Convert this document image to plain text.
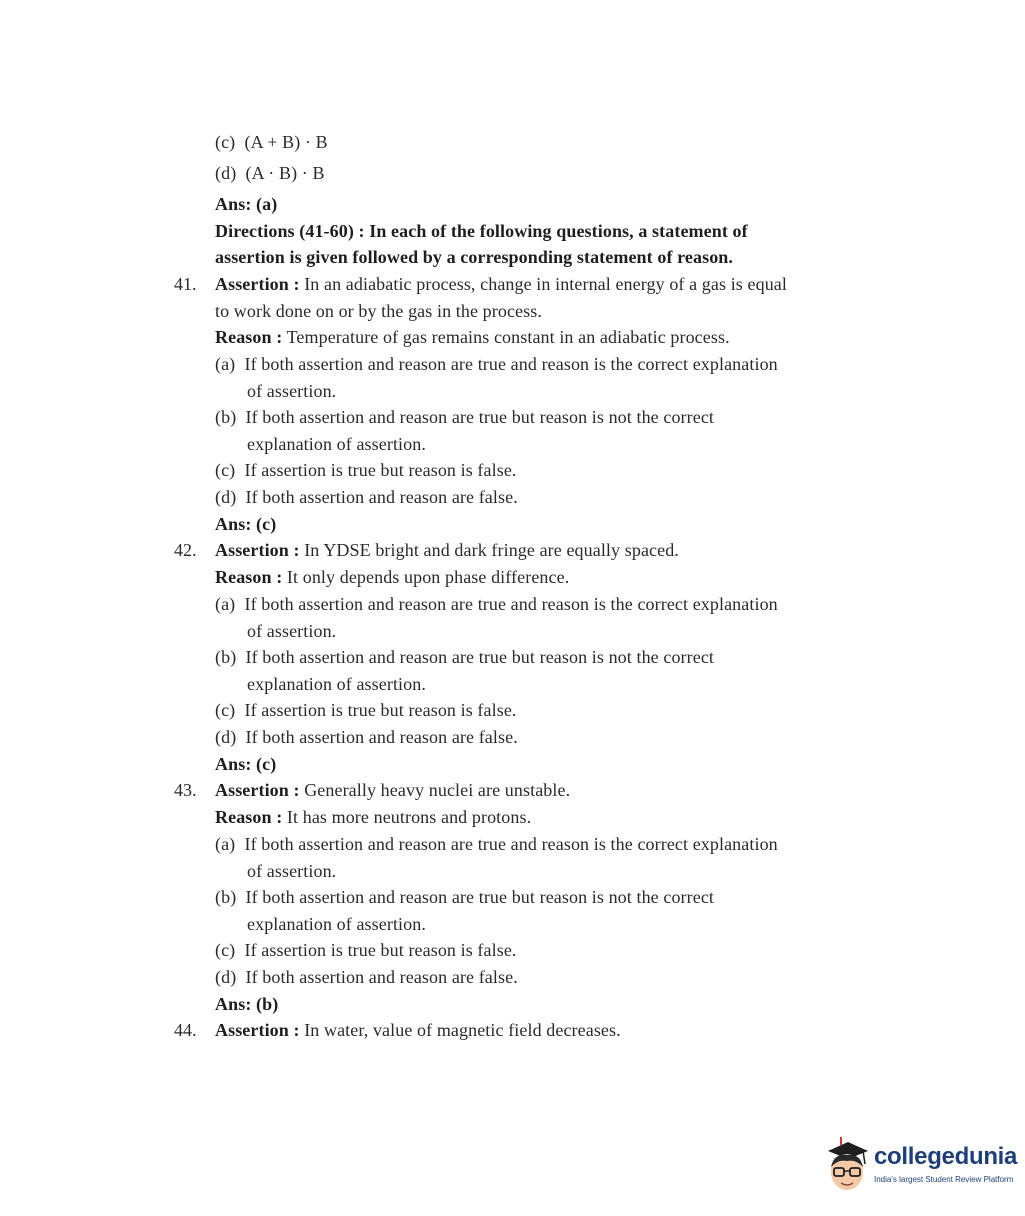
(c) (A + B) · B
(d) (A · B) · B
Ans: (a)
Directions (41-60) : In each of the following questions, a statement of
assertion is given followed by a corresponding statement of reason.
41. Assertion : In an adiabatic process, change in internal energy of a gas is equal
to work done on or by the gas in the process.
Reason : Temperature of gas remains constant in an adiabatic process.
(a) If both assertion and reason are true and reason is the correct explanation
of assertion.
(b) If both assertion and reason are true but reason is not the correct
explanation of assertion.
(c) If assertion is true but reason is false.
(d) If both assertion and reason are false.
Ans: (c)
42. Assertion : In YDSE bright and dark fringe are equally spaced.
Reason : It only depends upon phase difference.
(a) If both assertion and reason are true and reason is the correct explanation
of assertion.
(b) If both assertion and reason are true but reason is not the correct
explanation of assertion.
(c) If assertion is true but reason is false.
(d) If both assertion and reason are false.
Ans: (c)
43. Assertion : Generally heavy nuclei are unstable.
Reason : It has more neutrons and protons.
(a) If both assertion and reason are true and reason is the correct explanation
of assertion.
(b) If both assertion and reason are true but reason is not the correct
explanation of assertion.
(c) If assertion is true but reason is false.
(d) If both assertion and reason are false.
Ans: (b)
44. Assertion : In water, value of magnetic field decreases.
collegedunia
India's largest Student Review Platform
